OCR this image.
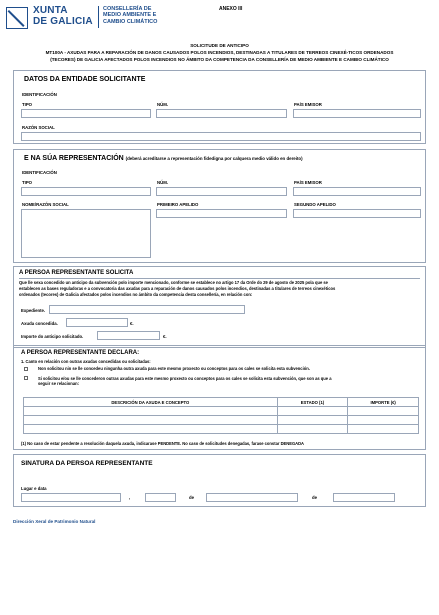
XUNTA
DE GALICIA
CONSELLERÍA DE
MEDIO AMBIENTE E
CAMBIO CLIMÁTICO
ANEXO III
SOLICITUDE DE ANTICIPO
MT100A - AXUDAS PARA A REPARACIÓN DE DANOS CAUSADOS POLOS INCENDIOS, DESTINADAS A TITULARES DE TERREOS CINEXÉ-TICOS ORDENADOS
(TECORES) DE GALICIA AFECTADOS POLOS INCENDIOS NO ÁMBITO DA COMPETENCIA DA CONSELLERÍA DE MEDIO AMBIENTE E CAMBIO CLIMÁTICO
DATOS DA ENTIDADE SOLICITANTE
IDENTIFICACIÓN
TIPO	NÚM.	PAÍS EMISOR
RAZÓN SOCIAL
E NA SÚA REPRESENTACIÓN (deberá acreditarse a representación fidedigna por calquera medio válido en dereito)
IDENTIFICACIÓN
TIPO	NÚM.	PAÍS EMISOR
NOME/RAZÓN SOCIAL	PRIMEIRO APELIDO	SEGUNDO APELIDO
A PERSOA REPRESENTANTE SOLICITA
Que lle sexa concedido un anticipo da subvención polo importe mencionado, conforme se establece no artigo 17 da Orde do 29 de agosto de 2025 pola que se
establecen as bases reguladoras e a convocatoria das axudas para a reparación de danos causados polos incendios, destinadas a titulares de terreos cinexéticos
ordenados (tecores) de Galicia afectados polos incendios no ámbito da competencia desta consellería, en relación con:
Expediente.
Axuda concedida.	€.
Importe do anticipo solicitado.	€.
A PERSOA REPRESENTANTE DECLARA:
1. Canto en relación con outras axudas concedidas ou solicitadas:
Non solicitou nin se lle concedeu ningunha outra axuda para este mesmo proxecto ou conceptos para os cales se solicita esta subvención.
Si solicitou e/ou se lle concederon outras axudas para este mesmo proxecto ou conceptos para os cales se solicita esta subvención, que son as que a
seguir se relacionan:
DESCRICIÓN DA AXUDA E CONCEPTO	ESTADO (1)	IMPORTE (€)

(1) No caso de estar pendente a resolución daquela axuda, indicarase PENDENTE. No caso de solicitudes denegadas, farase constar DENEGADA
SINATURA DA PERSOA REPRESENTANTE
Lugar e data
,	de	de
Dirección Xeral de Patrimonio Natural
